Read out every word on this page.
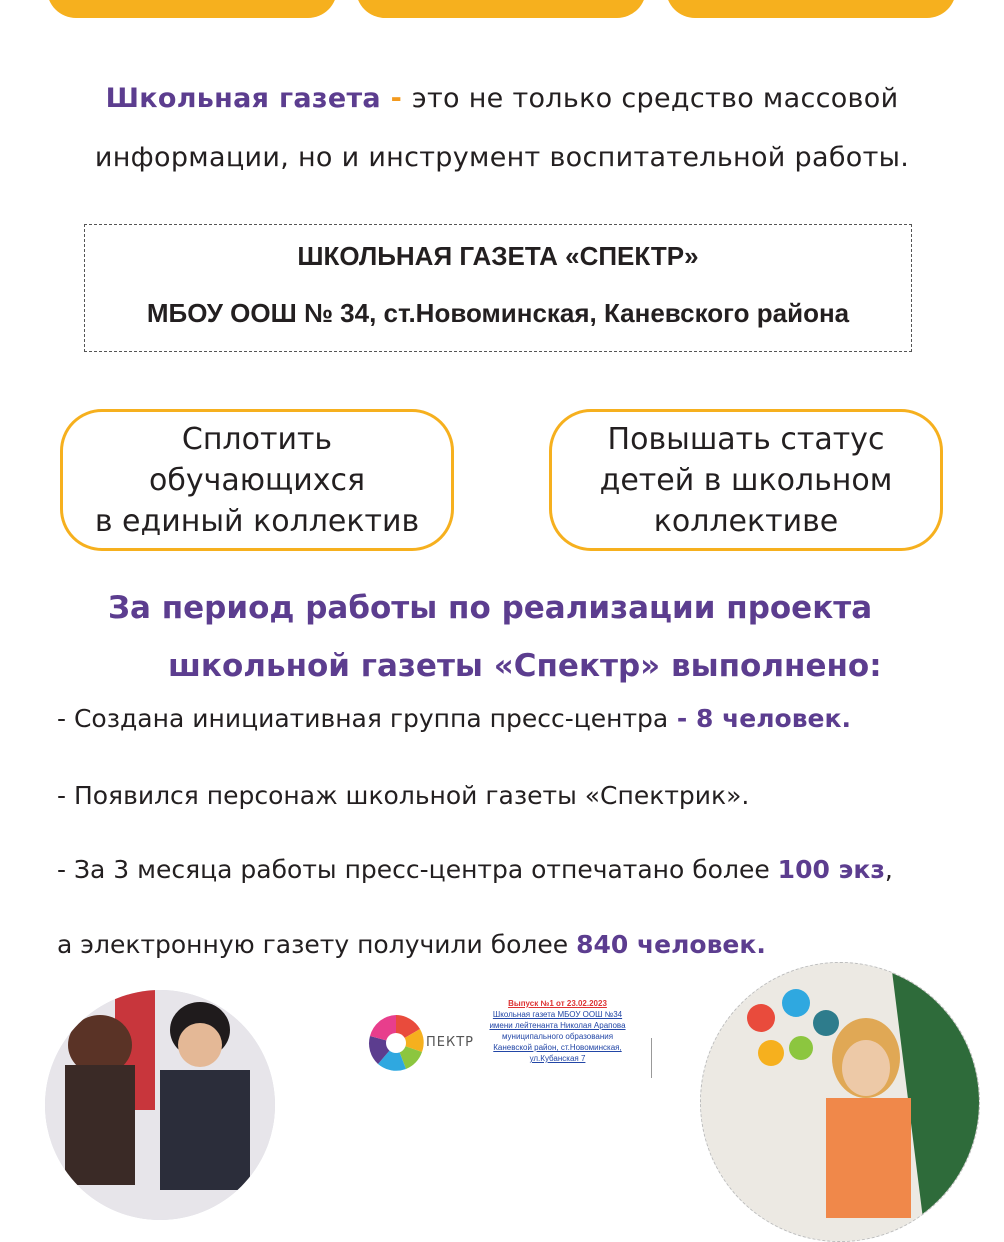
Школьная газета - это не только средство массовой
информации, но и инструмент воспитательной работы.
ШКОЛЬНАЯ ГАЗЕТА «СПЕКТР»
МБОУ ООШ № 34, ст.Новоминская, Каневского района
Сплотить
обучающихся
в единый коллектив
Повышать статус
детей в школьном
коллективе
За период работы по реализации проекта
школьной газеты «Спектр» выполнено:
- Создана инициативная группа пресс-центра - 8 человек.
- Появился персонаж школьной газеты «Спектрик».
- За 3 месяца работы пресс-центра отпечатано более 100 экз,
а электронную газету получили более 840 человек.
ПЕКТР
Выпуск №1 от 23.02.2023
Школьная газета МБОУ ООШ №34
имени лейтенанта Николая Арапова
муниципального образования
Каневской район, ст.Новоминская,
ул.Кубанская 7
